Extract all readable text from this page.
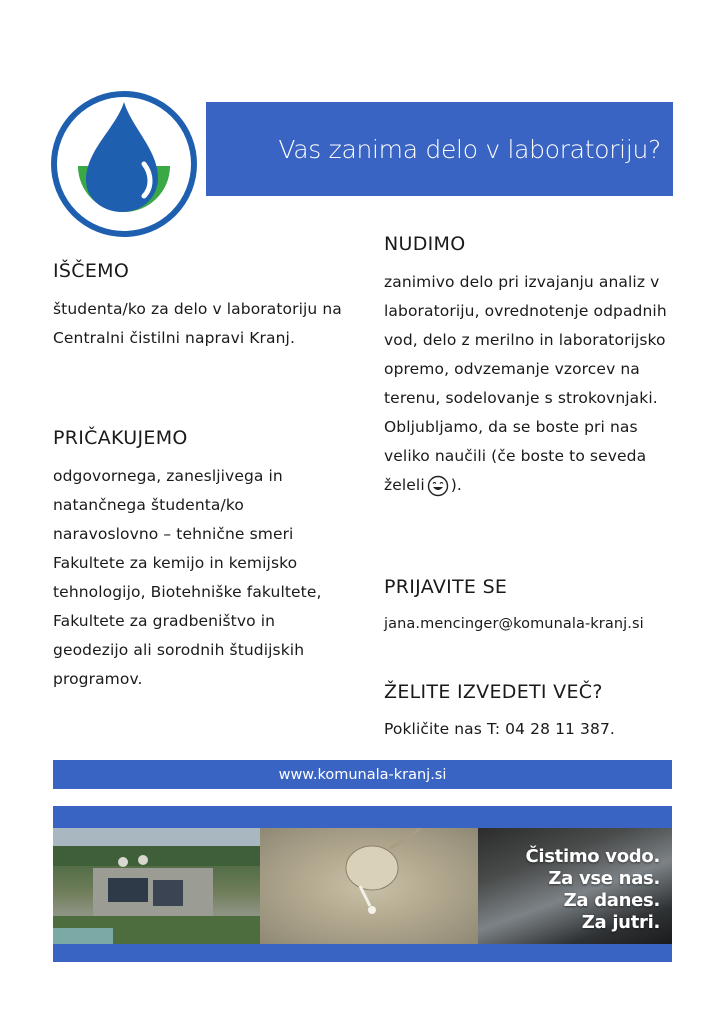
Vas zanima delo v laboratoriju?
IŠČEMO

študenta/ko za delo v laboratoriju na Centralni čistilni napravi Kranj.

PRIČAKUJEMO

odgovornega, zanesljivega in natančnega študenta/ko naravoslovno – tehnične smeri Fakultete za kemijo in kemijsko tehnologijo, Biotehniške fakultete, Fakultete za gradbeništvo in geodezijo ali sorodnih študijskih programov.

NUDIMO

zanimivo delo pri izvajanju analiz v laboratoriju, ovrednotenje odpadnih vod, delo z merilno in laboratorijsko opremo, odvzemanje vzorcev na terenu, sodelovanje s strokovnjaki. Obljubljamo, da se boste pri nas veliko naučili (če boste to seveda želeli ).

PRIJAVITE SE

jana.mencinger@komunala-kranj.si

ŽELITE IZVEDETI VEČ?

Pokličite nas T: 04 28 11 387.

www.komunala-kranj.si
Čistimo vodo.
Za vse nas.
Za danes.
Za jutri.
